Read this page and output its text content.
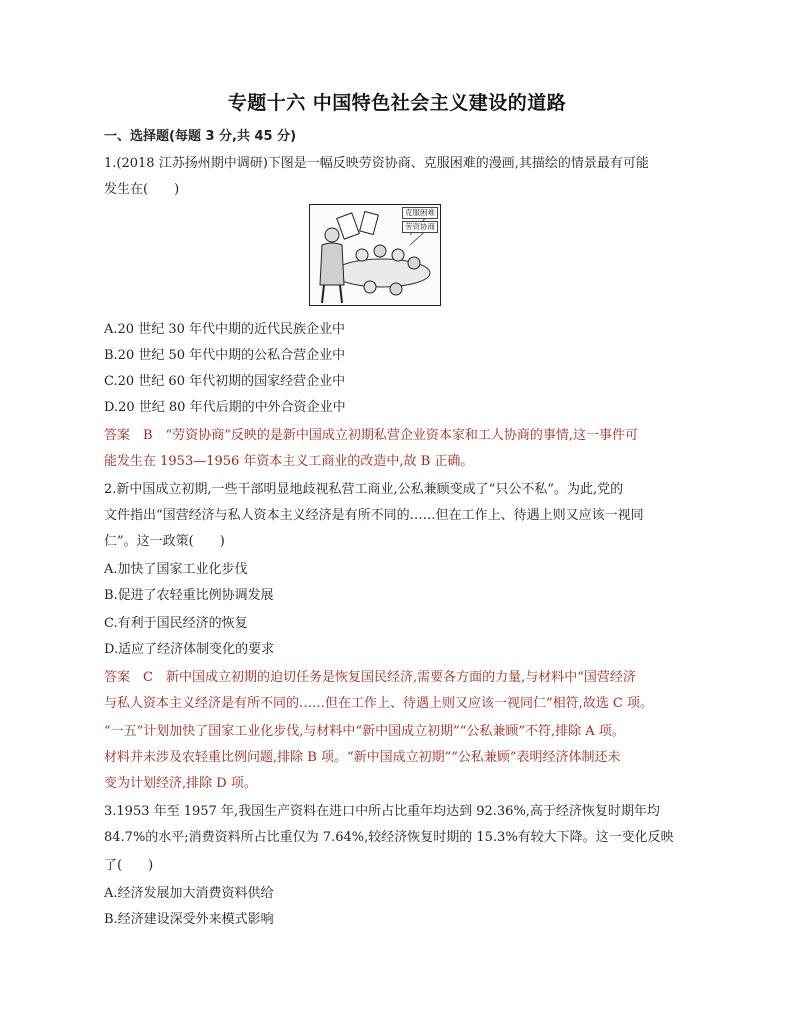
专题十六 中国特色社会主义建设的道路
一、选择题(每题 3 分,共 45 分)
1.(2018 江苏扬州期中调研)下图是一幅反映劳资协商、克服困难的漫画,其描绘的情景最有可能
发生在(　　)
克服困难
劳资协商
A.20 世纪 30 年代中期的近代民族企业中
B.20 世纪 50 年代中期的公私合营企业中
C.20 世纪 60 年代初期的国家经营企业中
D.20 世纪 80 年代后期的中外合资企业中
答案　B　“劳资协商”反映的是新中国成立初期私营企业资本家和工人协商的事情,这一事件可
能发生在 1953—1956 年资本主义工商业的改造中,故 B 正确。
2.新中国成立初期,一些干部明显地歧视私营工商业,公私兼顾变成了“只公不私”。为此,党的
文件指出“国营经济与私人资本主义经济是有所不同的……但在工作上、待遇上则又应该一视同
仁”。这一政策(　　)
A.加快了国家工业化步伐
B.促进了农轻重比例协调发展
C.有利于国民经济的恢复
D.适应了经济体制变化的要求
答案　C　新中国成立初期的迫切任务是恢复国民经济,需要各方面的力量,与材料中“国营经济
与私人资本主义经济是有所不同的……但在工作上、待遇上则又应该一视同仁”相符,故选 C 项。
“一五”计划加快了国家工业化步伐,与材料中“新中国成立初期”“公私兼顾”不符,排除 A 项。
材料并未涉及农轻重比例问题,排除 B 项。“新中国成立初期”“公私兼顾”表明经济体制还未
变为计划经济,排除 D 项。
3.1953 年至 1957 年,我国生产资料在进口中所占比重年均达到 92.36%,高于经济恢复时期年均
84.7%的水平;消费资料所占比重仅为 7.64%,较经济恢复时期的 15.3%有较大下降。这一变化反映
了(　　)
A.经济发展加大消费资料供给
B.经济建设深受外来模式影响
